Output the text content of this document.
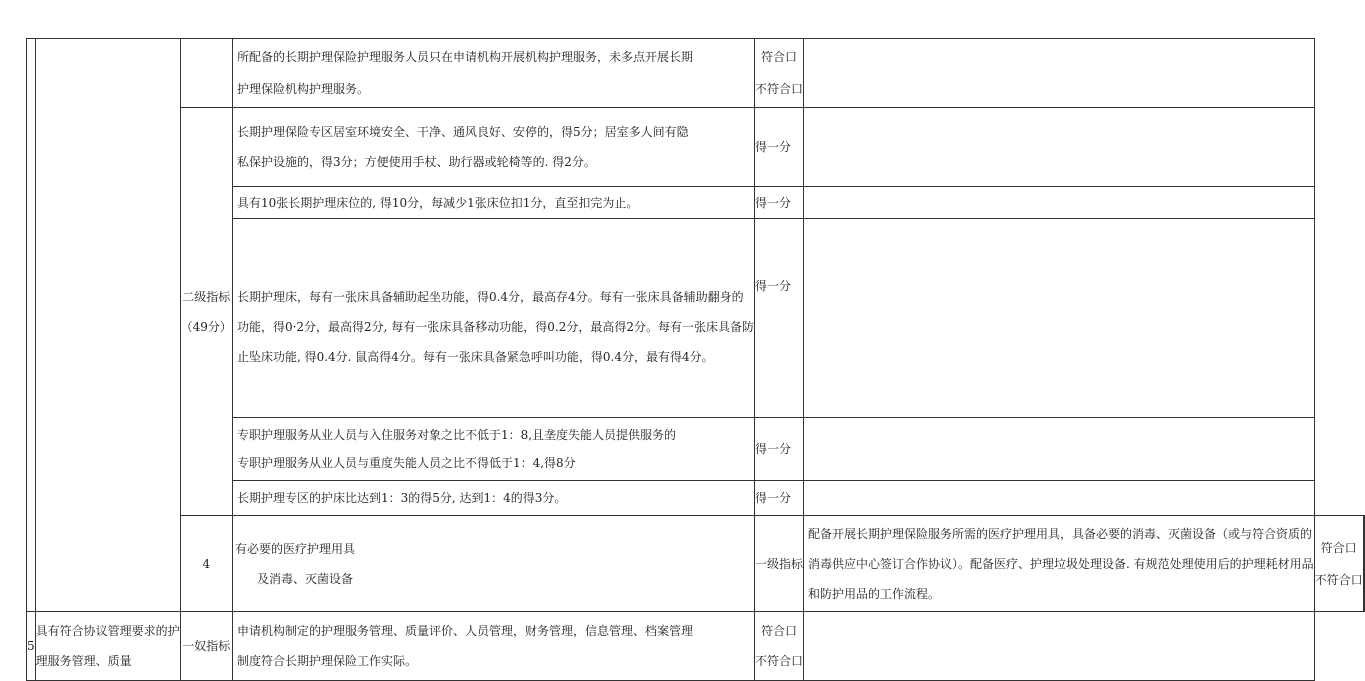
			所配备的长期护理保险护理服务人员只在申请机构开展机构护理服务，未多点开展长期
护理保险机构护理服务。	符合口
不符合口			

		二级指标
（49分）	长期护理保险专区居室环境安全、干净、通风良好、安停的，得5分；居室多人间有隐
私保护设施的，得3分；方便使用手杖、助行器或轮椅等的. 得2分。	得一分			

			具有10张长期护理床位的, 得10分，每减少1张床位扣1分，直至扣完为止。	得一分			

			长期护理床，每有一张床具备辅助起坐功能，得0.4分，最高存4分。每有一张床具备辅助翻身的
功能，得0·2分，最高得2分, 每有一张床具备移动功能，得0.2分，最高得2分。每有一张床具备防
止坠床功能, 得0.4分. 鼠高得4分。每有一张床具备紧急呼叫功能，得0.4分，最有得4分。	得一分			

			专职护理服务从业人员与入住服务对象之比不低于1：8,且垄度失能人员提供服务的
专职护理服务从业人员与重度失能人员之比不得低于1：4,得8分	得一分			

			长期护理专区的护床比达到1：3的得5分, 达到1：4的得3分。	得一分			

		4	有必要的医疗护理用具
及消毒、灭菌设备	一级指标	配备开展长期护理保险服务所需的医疗护理用具，具备必要的消毒、灭菌设备（或与符合资质的
消毒供应中心签订合作协议）。配备医疗、护理垃圾处理设备. 有规范处理使用后的护理耗材用品
和防护用品的工作流程。	符合口
不符合口	

5	具有符合协议管理要求的护
理服务管理、质量	一奴指标	申请机构制定的护理服务管理、质量评价、人员管理，财务管理，信息管理、档案管理
制度符合长期护理保险工作实际。	符合口
不符合口			
